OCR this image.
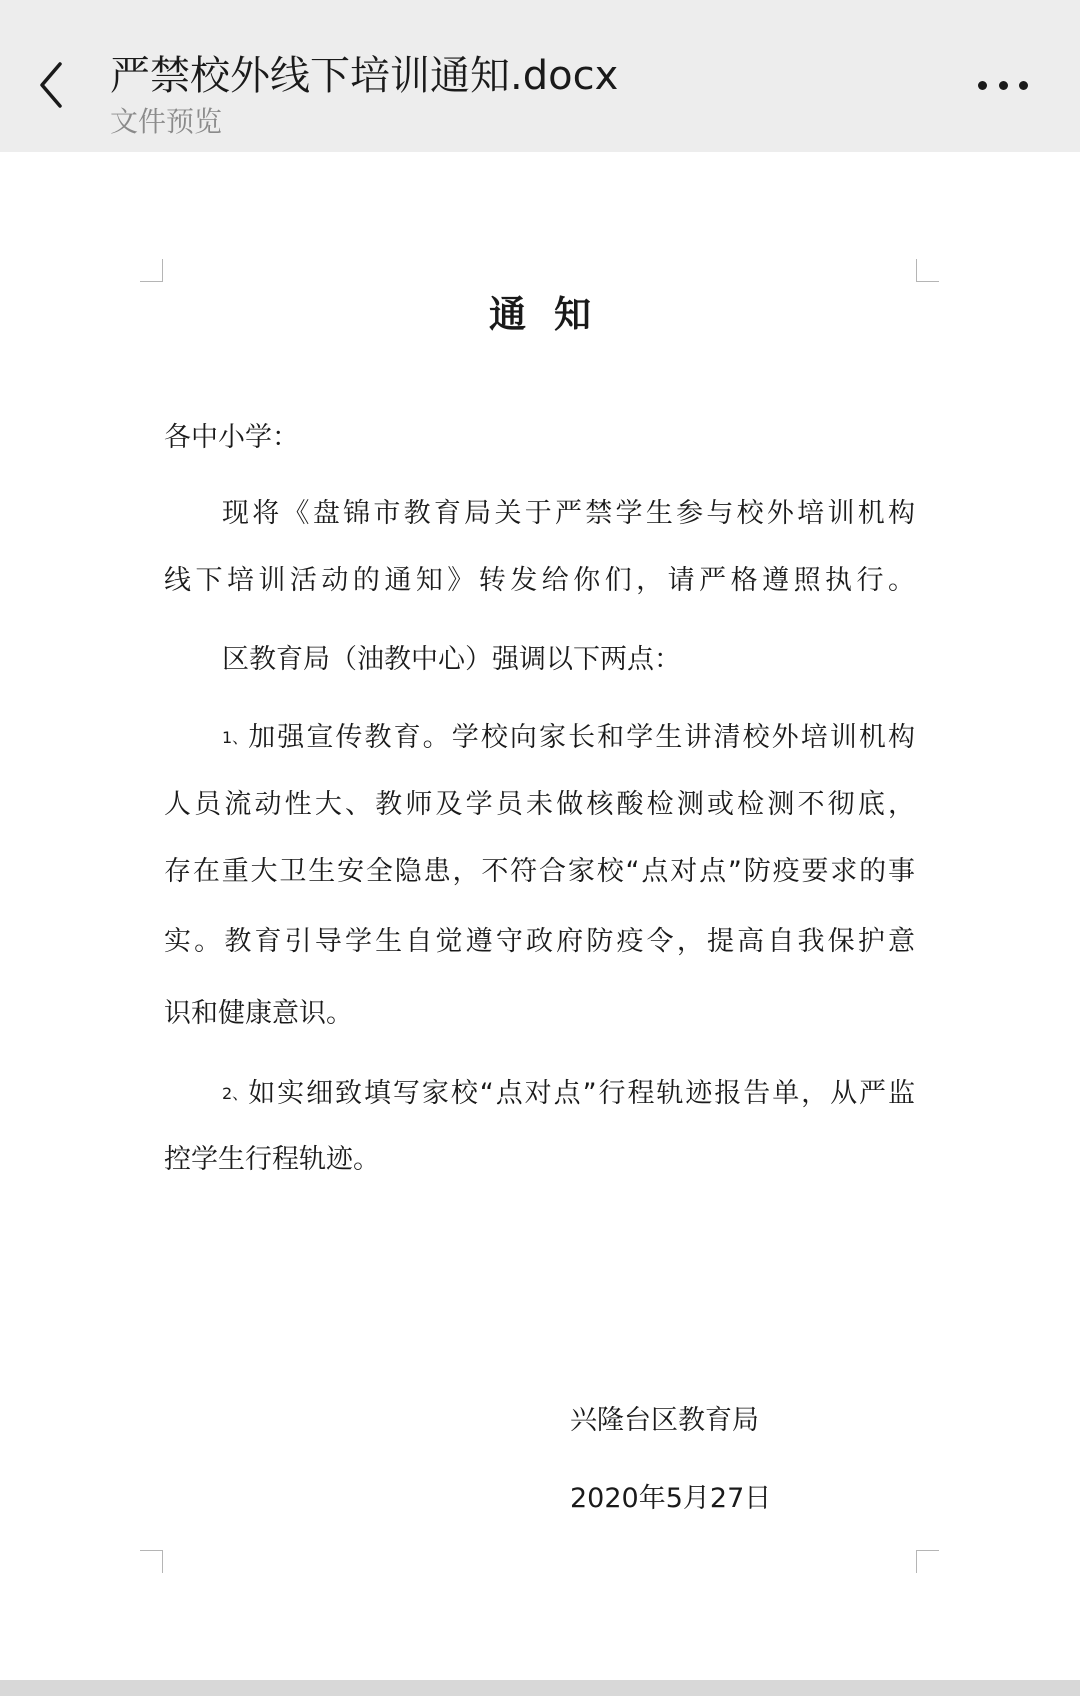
严禁校外线下培训通知.docx
文件预览
通知
各中小学：
现将《盘锦市教育局关于严禁学生参与校外培训机构
线下培训活动的通知》转发给你们，请严格遵照执行。
区教育局（油教中心）强调以下两点：
1、 加强宣传教育。学校向家长和学生讲清校外培训机构
人员流动性大、教师及学员未做核酸检测或检测不彻底，
存在重大卫生安全隐患，不符合家校“点对点”防疫要求的事
实。教育引导学生自觉遵守政府防疫令，提高自我保护意
识和健康意识。
2、 如实细致填写家校“点对点”行程轨迹报告单，从严监
控学生行程轨迹。
兴隆台区教育局
2020年5月27日
